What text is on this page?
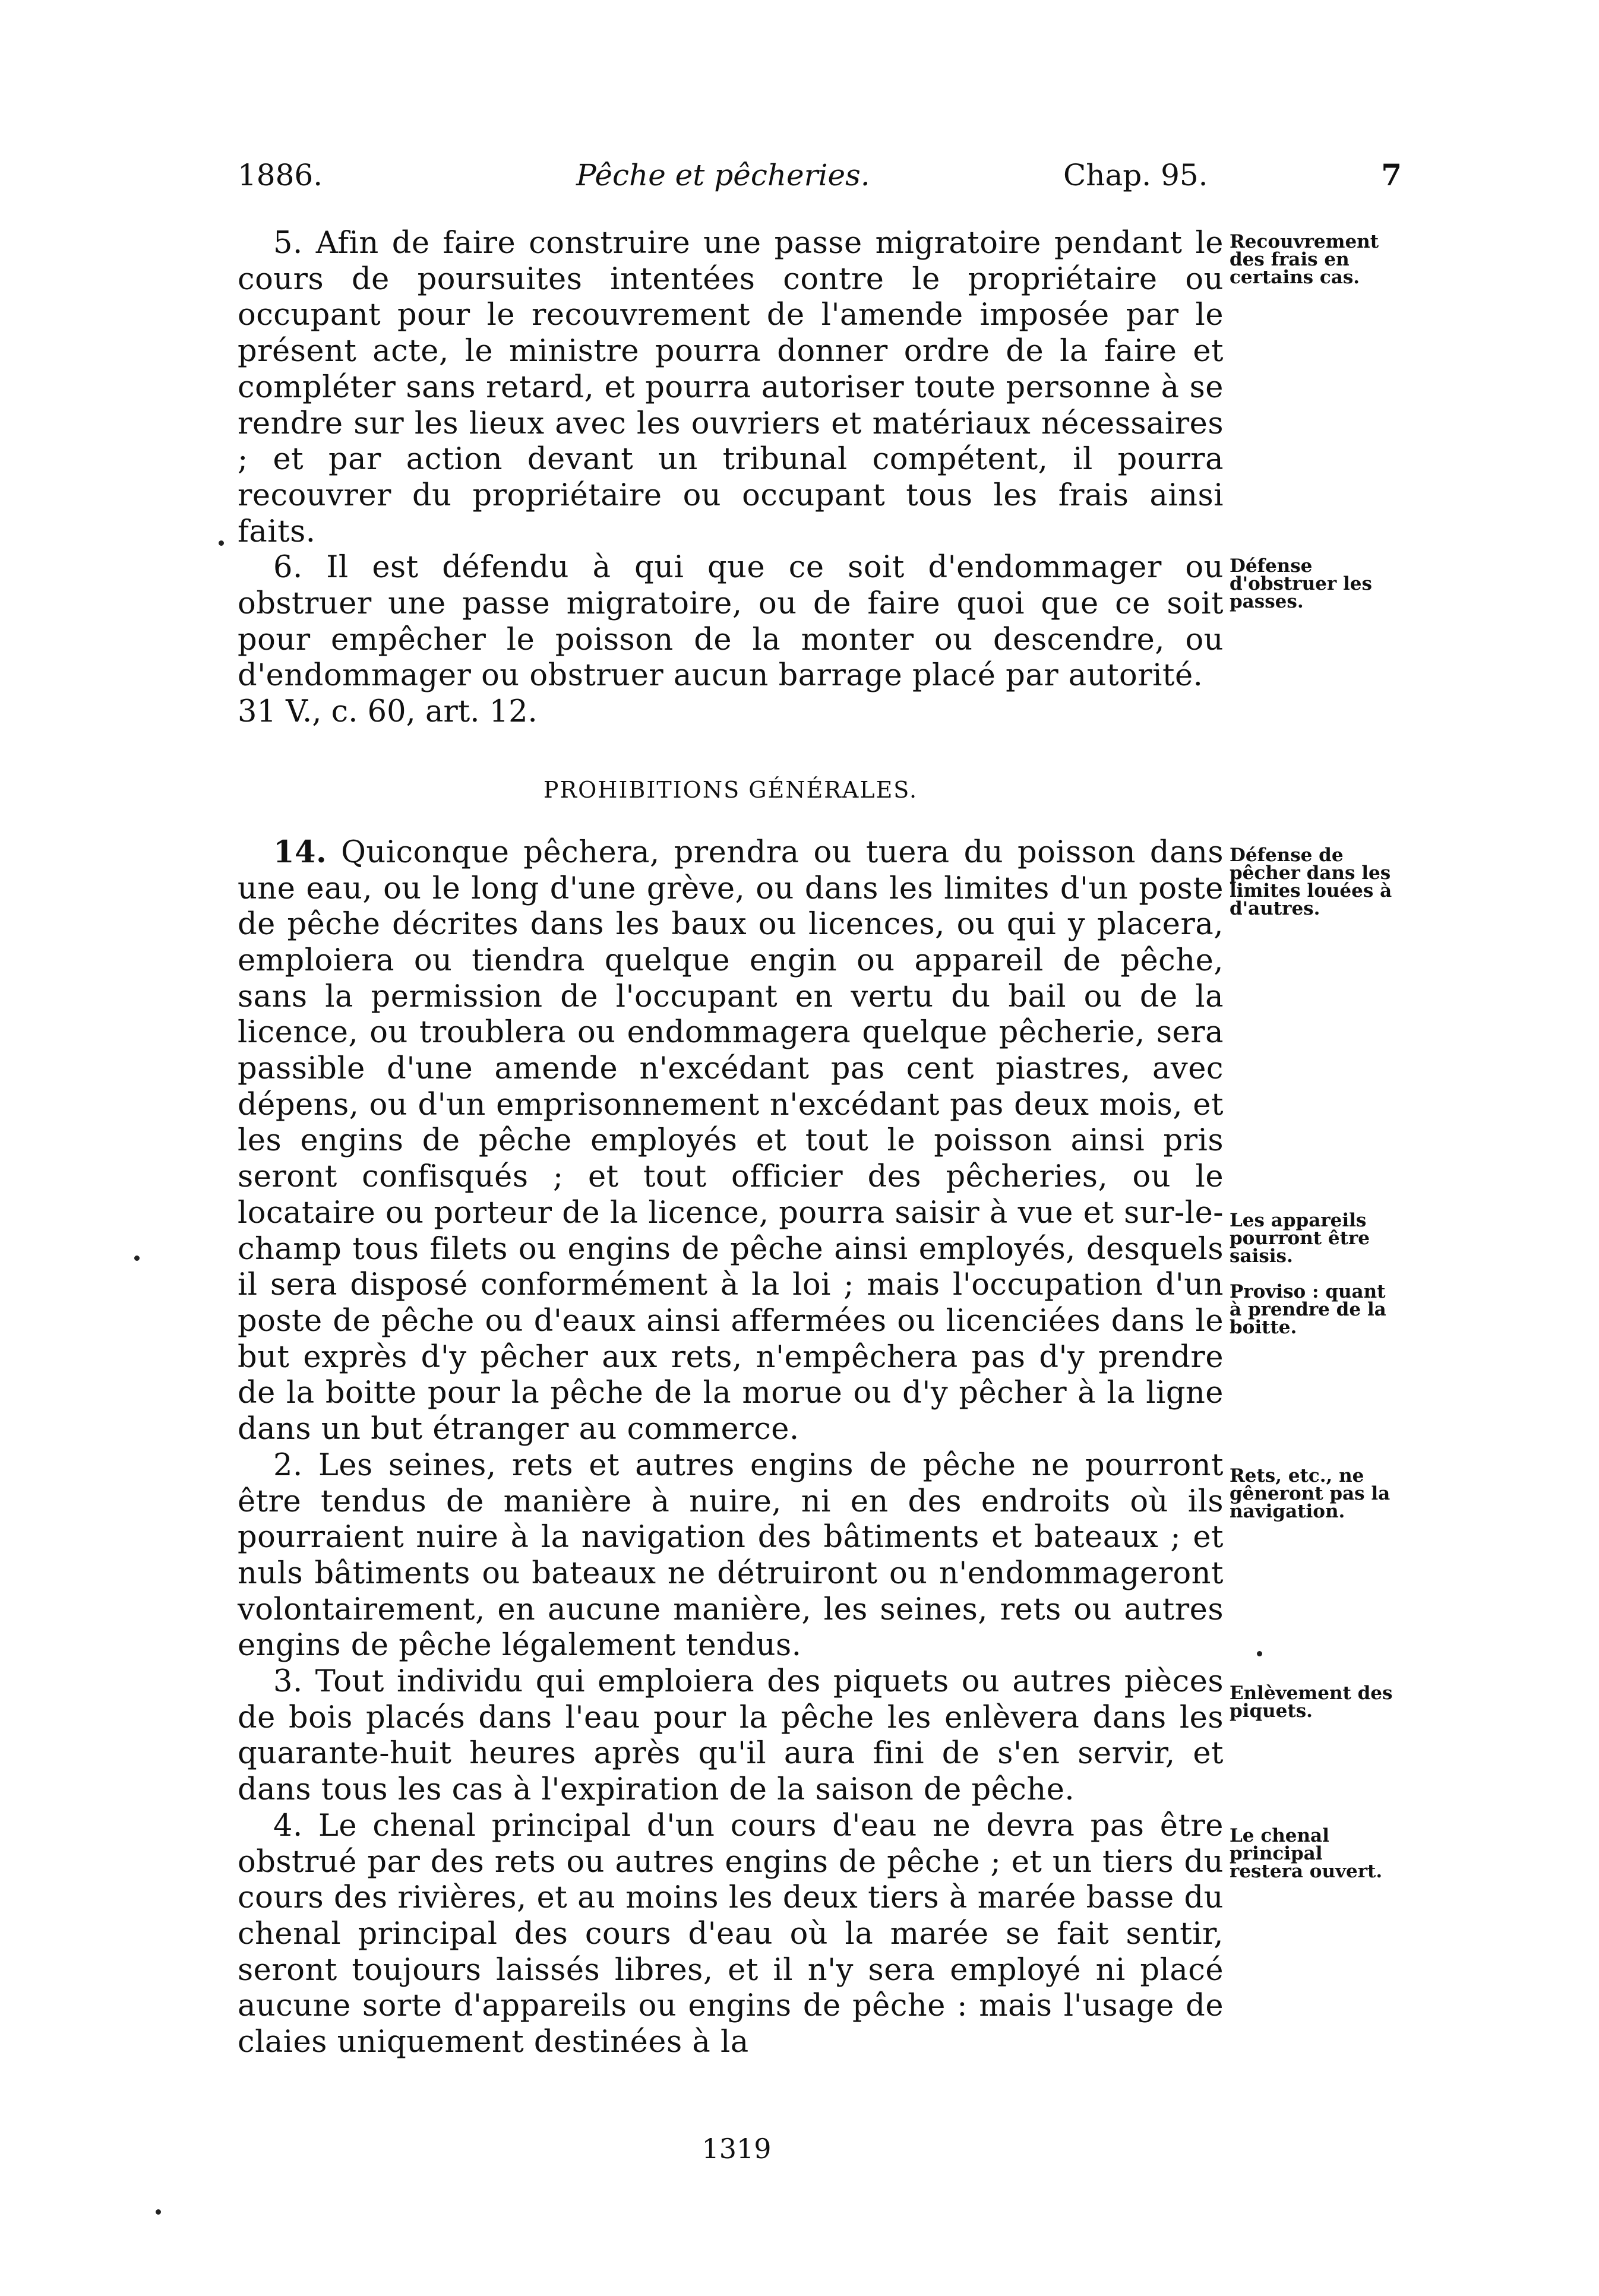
1886.	Pêche et pêcheries.	Chap. 95.	7

5. Afin de faire construire une passe migratoire pendant le cours de poursuites intentées contre le propriétaire ou occupant pour le recouvrement de l'amende imposée par le présent acte, le ministre pourra donner ordre de la faire et compléter sans retard, et pourra autoriser toute personne à se rendre sur les lieux avec les ouvriers et matériaux nécessaires ; et par action devant un tribunal compétent, il pourra recouvrer du propriétaire ou occupant tous les frais ainsi faits.

6. Il est défendu à qui que ce soit d'endommager ou obstruer une passe migratoire, ou de faire quoi que ce soit pour empêcher le poisson de la monter ou descendre, ou d'endommager ou obstruer aucun barrage placé par autorité.

31 V., c. 60, art. 12.

PROHIBITIONS GÉNÉRALES.

14. Quiconque pêchera, prendra ou tuera du poisson dans une eau, ou le long d'une grève, ou dans les limites d'un poste de pêche décrites dans les baux ou licences, ou qui y placera, emploiera ou tiendra quelque engin ou appareil de pêche, sans la permission de l'occupant en vertu du bail ou de la licence, ou troublera ou endommagera quelque pêcherie, sera passible d'une amende n'excédant pas cent piastres, avec dépens, ou d'un emprisonnement n'excédant pas deux mois, et les engins de pêche employés et tout le poisson ainsi pris seront confisqués ; et tout officier des pêcheries, ou le locataire ou porteur de la licence, pourra saisir à vue et sur-le-champ tous filets ou engins de pêche ainsi employés, desquels il sera disposé conformément à la loi ; mais l'occupation d'un poste de pêche ou d'eaux ainsi affermées ou licenciées dans le but exprès d'y pêcher aux rets, n'empêchera pas d'y prendre de la boitte pour la pêche de la morue ou d'y pêcher à la ligne dans un but étranger au commerce.

2. Les seines, rets et autres engins de pêche ne pourront être tendus de manière à nuire, ni en des endroits où ils pourraient nuire à la navigation des bâtiments et bateaux ; et nuls bâtiments ou bateaux ne détruiront ou n'endommageront volontairement, en aucune manière, les seines, rets ou autres engins de pêche légalement tendus.

3. Tout individu qui emploiera des piquets ou autres pièces de bois placés dans l'eau pour la pêche les enlèvera dans les quarante-huit heures après qu'il aura fini de s'en servir, et dans tous les cas à l'expiration de la saison de pêche.

4. Le chenal principal d'un cours d'eau ne devra pas être obstrué par des rets ou autres engins de pêche ; et un tiers du cours des rivières, et au moins les deux tiers à marée basse du chenal principal des cours d'eau où la marée se fait sentir, seront toujours laissés libres, et il n'y sera employé ni placé aucune sorte d'appareils ou engins de pêche : mais l'usage de claies uniquement destinées à la

Recouvrement des frais en certains cas.
Défense d'obstruer les passes.
Défense de pêcher dans les limites louées à d'autres.
Les appareils pourront être saisis.
Proviso : quant à prendre de la boitte.
Rets, etc., ne gêneront pas la navigation.
Enlèvement des piquets.
Le chenal principal restera ouvert.
1319
